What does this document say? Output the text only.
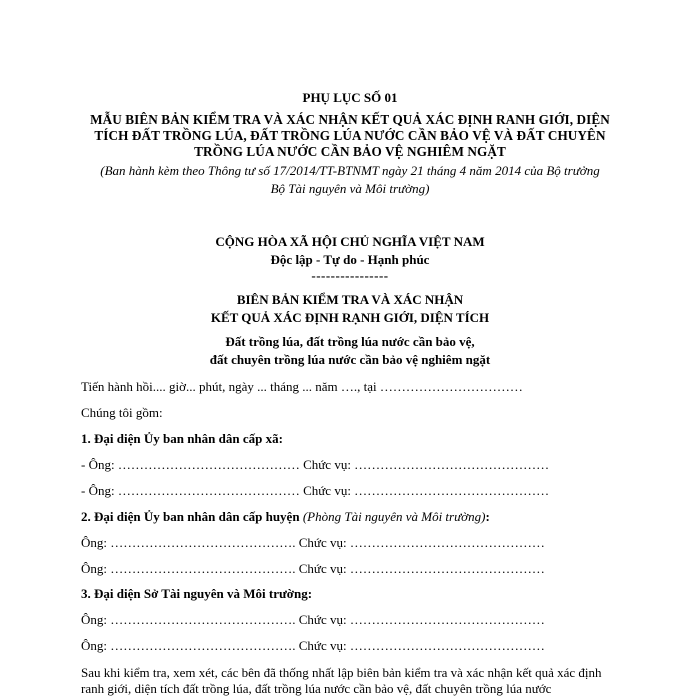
PHỤ LỤC SỐ 01

MẪU BIÊN BẢN KIỂM TRA VÀ XÁC NHẬN KẾT QUẢ XÁC ĐỊNH RANH GIỚI, DIỆN

TÍCH ĐẤT TRỒNG LÚA, ĐẤT TRỒNG LÚA NƯỚC CẦN BẢO VỆ VÀ ĐẤT CHUYÊN

TRỒNG LÚA NƯỚC CẦN BẢO VỆ NGHIÊM NGẶT

(Ban hành kèm theo Thông tư số 17/2014/TT-BTNMT ngày 21 tháng 4 năm 2014 của Bộ trưởng

Bộ Tài nguyên và Môi trường)

CỘNG HÒA XÃ HỘI CHỦ NGHĨA VIỆT NAM

Độc lập - Tự do - Hạnh phúc

----------------

BIÊN BẢN KIỂM TRA VÀ XÁC NHẬN

KẾT QUẢ XÁC ĐỊNH RẠNH GIỚI, DIỆN TÍCH

Đất trồng lúa, đất trồng lúa nước cần bảo vệ,

đất chuyên trồng lúa nước cần bảo vệ nghiêm ngặt

Tiến hành hồi.... giờ... phút, ngày ... tháng ... năm …., tại ……………………………

Chúng tôi gồm:

1. Đại diện Ủy ban nhân dân cấp xã:

- Ông: …………………………………… Chức vụ: ………………………………………

- Ông: …………………………………… Chức vụ: ………………………………………

2. Đại diện Ủy ban nhân dân cấp huyện (Phòng Tài nguyên và Môi trường):

Ông: ……………………………………. Chức vụ: ………………………………………

Ông: ……………………………………. Chức vụ: ………………………………………

3. Đại diện Sở Tài nguyên và Môi trường:

Ông: ……………………………………. Chức vụ: ………………………………………

Ông: ……………………………………. Chức vụ: ………………………………………

Sau khi kiểm tra, xem xét, các bên đã thống nhất lập biên bản kiểm tra và xác nhận kết quả xác định ranh giới, diện tích đất trồng lúa, đất trồng lúa nước cần bảo vệ, đất chuyên trồng lúa nước
